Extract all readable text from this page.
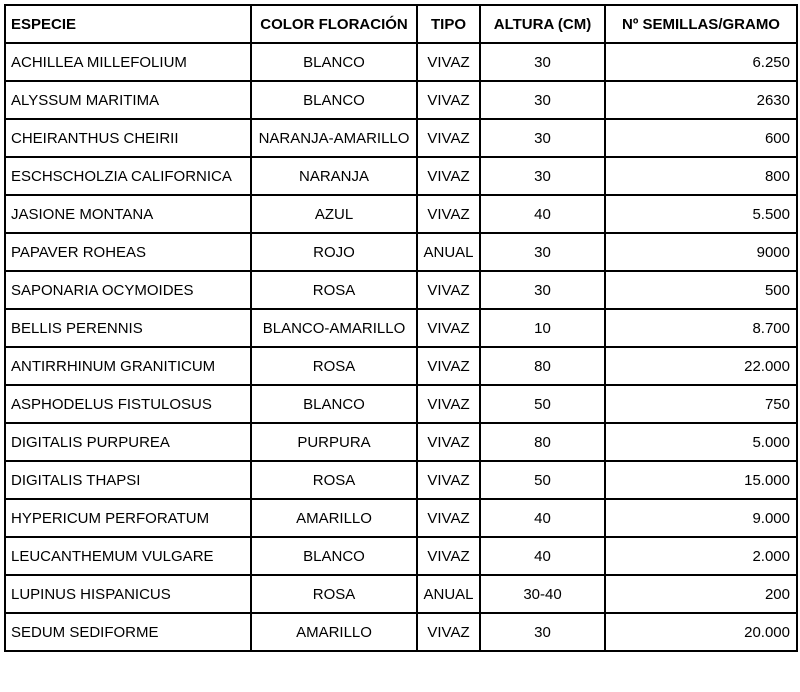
ESPECIE	COLOR FLORACIÓN	TIPO	ALTURA (CM)	Nº SEMILLAS/GRAMO
ACHILLEA MILLEFOLIUM	BLANCO	VIVAZ	30	6.250
ALYSSUM MARITIMA	BLANCO	VIVAZ	30	2630
CHEIRANTHUS CHEIRII	NARANJA-AMARILLO	VIVAZ	30	600
ESCHSCHOLZIA CALIFORNICA	NARANJA	VIVAZ	30	800
JASIONE MONTANA	AZUL	VIVAZ	40	5.500
PAPAVER ROHEAS	ROJO	ANUAL	30	9000
SAPONARIA OCYMOIDES	ROSA	VIVAZ	30	500
BELLIS PERENNIS	BLANCO-AMARILLO	VIVAZ	10	8.700
ANTIRRHINUM GRANITICUM	ROSA	VIVAZ	80	22.000
ASPHODELUS FISTULOSUS	BLANCO	VIVAZ	50	750
DIGITALIS PURPUREA	PURPURA	VIVAZ	80	5.000
DIGITALIS THAPSI	ROSA	VIVAZ	50	15.000
HYPERICUM PERFORATUM	AMARILLO	VIVAZ	40	9.000
LEUCANTHEMUM VULGARE	BLANCO	VIVAZ	40	2.000
LUPINUS HISPANICUS	ROSA	ANUAL	30-40	200
SEDUM SEDIFORME	AMARILLO	VIVAZ	30	20.000
